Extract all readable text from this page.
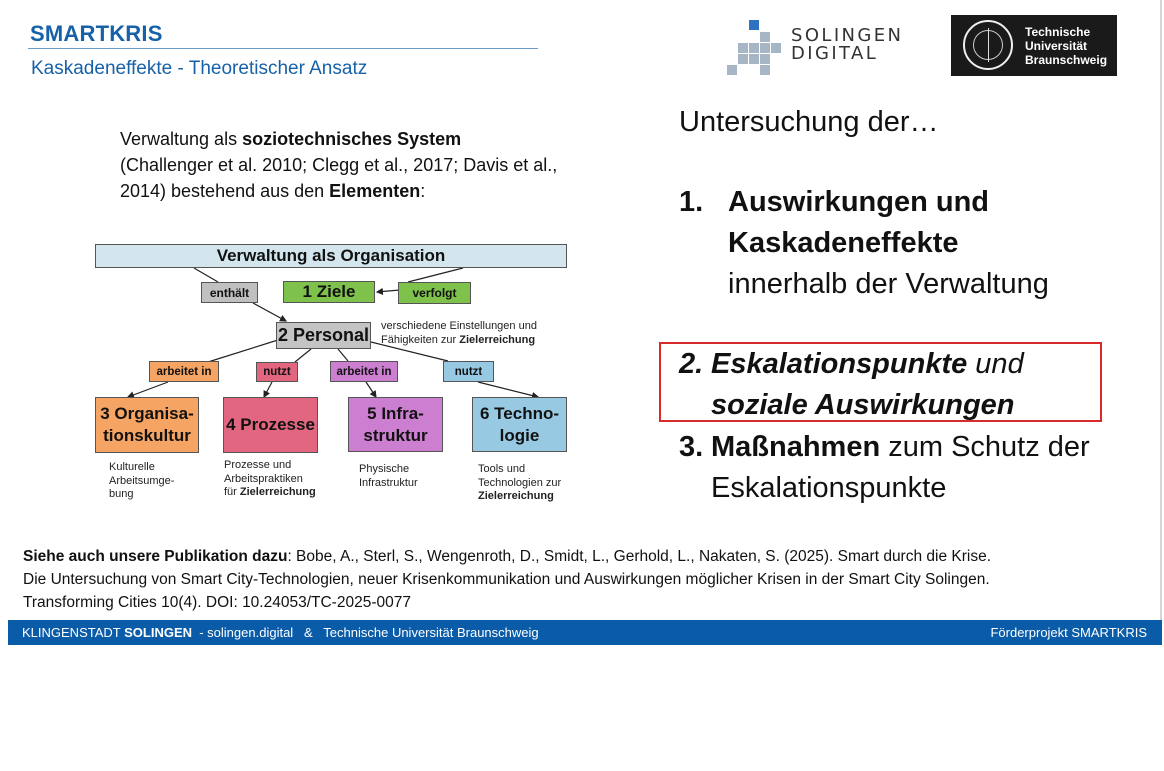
SMARTKRIS
Kaskadeneffekte - Theoretischer Ansatz
SOLINGEN
DIGITAL
Technische
Universität
Braunschweig
Verwaltung als soziotechnisches System
(Challenger et al. 2010; Clegg et al., 2017; Davis et al., 2014) bestehend aus den Elementen:
Verwaltung als Organisation
enthält	1 Ziele	verfolgt
2 Personal verschiedene Einstellungen und
Fähigkeiten zur Zielerreichung
arbeitet in	nutzt	arbeitet in	nutzt
3 Organisa-
tionskultur
4 Prozesse
5 Infra-
struktur
6 Techno-
logie
Kulturelle
Arbeitsumge-
bung
Prozesse und
Arbeitspraktiken
für Zielerreichung
Physische
Infrastruktur
Tools und
Technologien zur
Zielerreichung
Untersuchung der…
1. Auswirkungen und Kaskadeneffekte
innerhalb der Verwaltung
2. Eskalationspunkte und
soziale Auswirkungen
3. Maßnahmen zum Schutz der Eskalationspunkte
Siehe auch unsere Publikation dazu: Bobe, A., Sterl, S., Wengenroth, D., Smidt, L., Gerhold, L., Nakaten, S. (2025). Smart durch die Krise.
Die Untersuchung von Smart City-Technologien, neuer Krisenkommunikation und Auswirkungen möglicher Krisen in der Smart City Solingen.
Transforming Cities 10(4). DOI: 10.24053/TC-2025-0077
KLINGENSTADT SOLINGEN  - solingen.digital   &   Technische Universität Braunschweig	Förderprojekt SMARTKRIS
